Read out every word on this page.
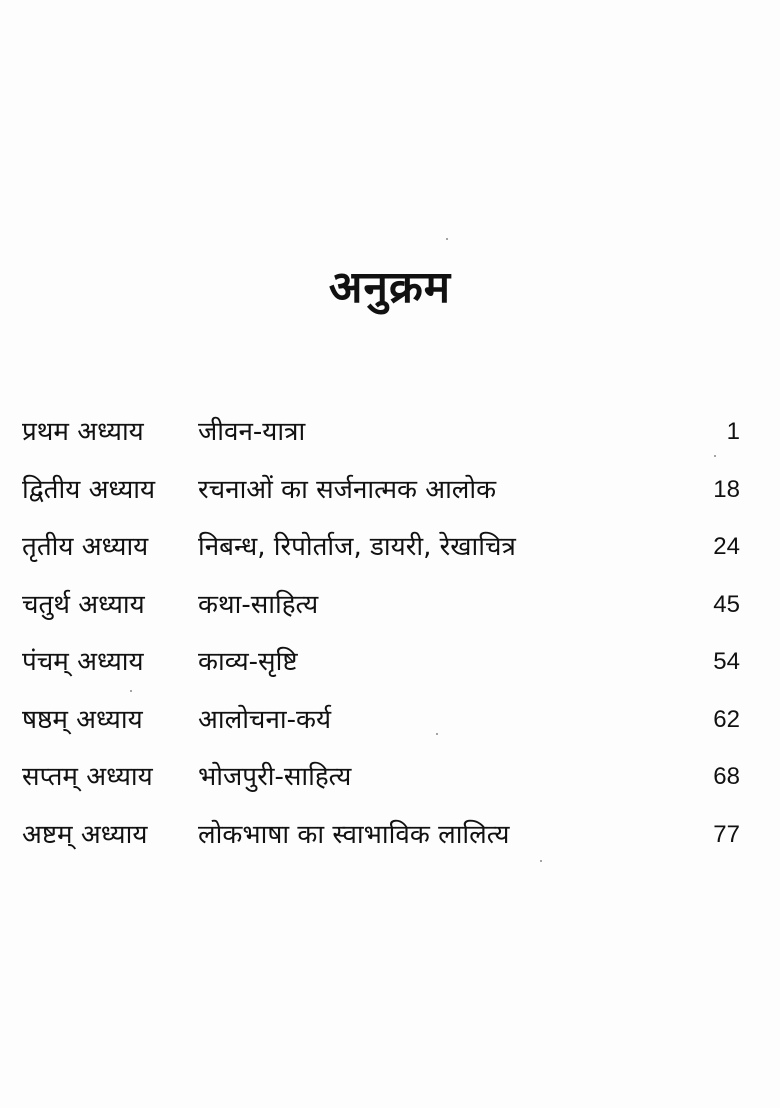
अनुक्रम
प्रथम अध्याय	जीवन-यात्रा	1
द्वितीय अध्याय	रचनाओं का सर्जनात्मक आलोक	18
तृतीय अध्याय	निबन्ध, रिपोर्ताज, डायरी, रेखाचित्र	24
चतुर्थ अध्याय	कथा-साहित्य	45
पंचम् अध्याय	काव्य-सृष्टि	54
षष्ठम् अध्याय	आलोचना-कर्य	62
सप्तम् अध्याय	भोजपुरी-साहित्य	68
अष्टम् अध्याय	लोकभाषा का स्वाभाविक लालित्य	77
